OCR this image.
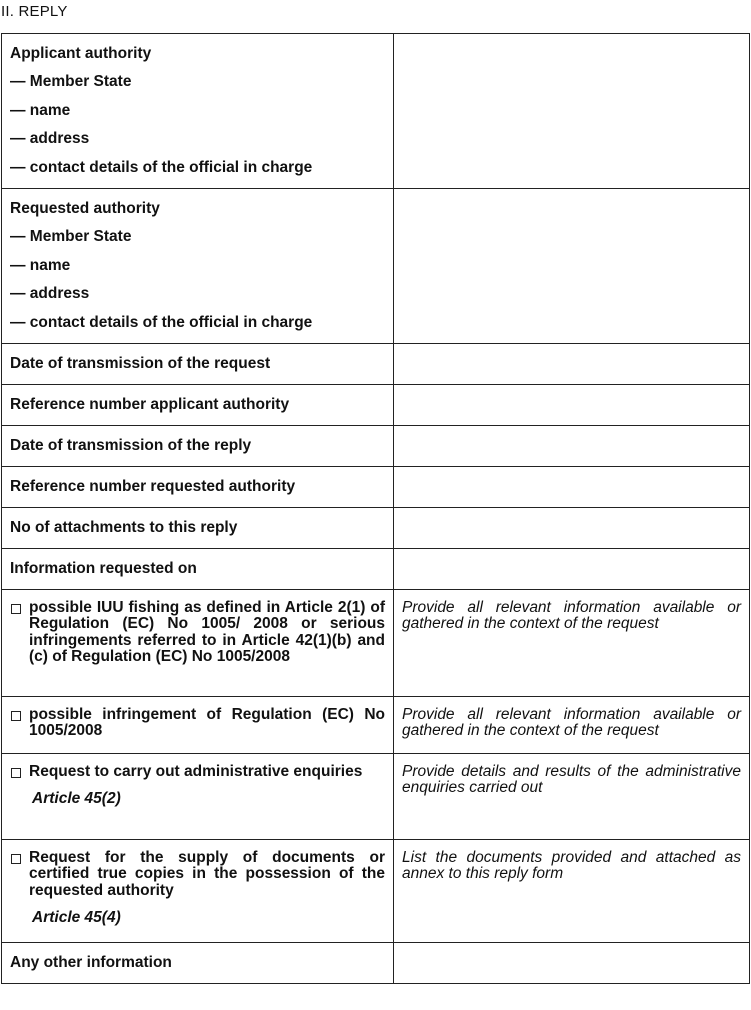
II. REPLY
Applicant authority
— Member State
— name
— address
— contact details of the official in charge	

Requested authority
— Member State
— name
— address
— contact details of the official in charge	

Date of transmission of the request	

Reference number applicant authority	

Date of transmission of the reply	

Reference number requested authority	

No of attachments to this reply	

Information requested on	

possible IUU fishing as defined in Article 2(1) of Regulation (EC) No 1005/ 2008 or serious infringements referred to in Article 42(1)(b) and (c) of Regulation (EC) No 1005/2008	Provide all relevant information available or gathered in the context of the request

possible infringement of Regulation (EC) No 1005/2008	Provide all relevant information available or gathered in the context of the request

Request to carry out administrative enquiries
Article 45(2)	Provide details and results of the administrative enquiries carried out

Request for the supply of documents or certified true copies in the possession of the requested authority
Article 45(4)	List the documents provided and attached as annex to this reply form

Any other information	
